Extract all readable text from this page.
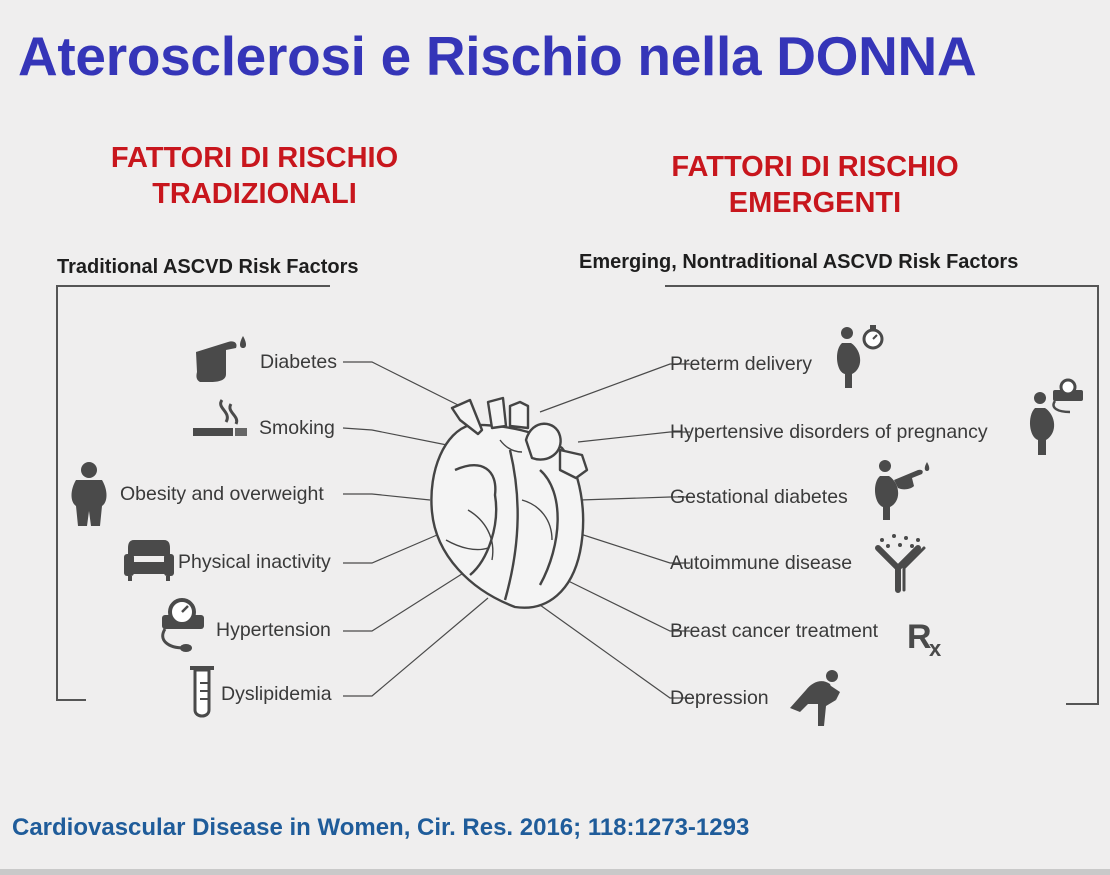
Aterosclerosi e Rischio nella DONNA
FATTORI DI RISCHIO
TRADIZIONALI
FATTORI DI RISCHIO
EMERGENTI
Traditional ASCVD Risk Factors	Emerging, Nontraditional ASCVD Risk Factors
R
x
Diabetes
Smoking
Obesity and overweight
Physical inactivity
Hypertension
Dyslipidemia
Preterm delivery
Hypertensive disorders of pregnancy
Gestational diabetes
Autoimmune disease
Breast cancer treatment
Depression

Cardiovascular Disease in Women, Cir. Res. 2016; 118:1273-1293
